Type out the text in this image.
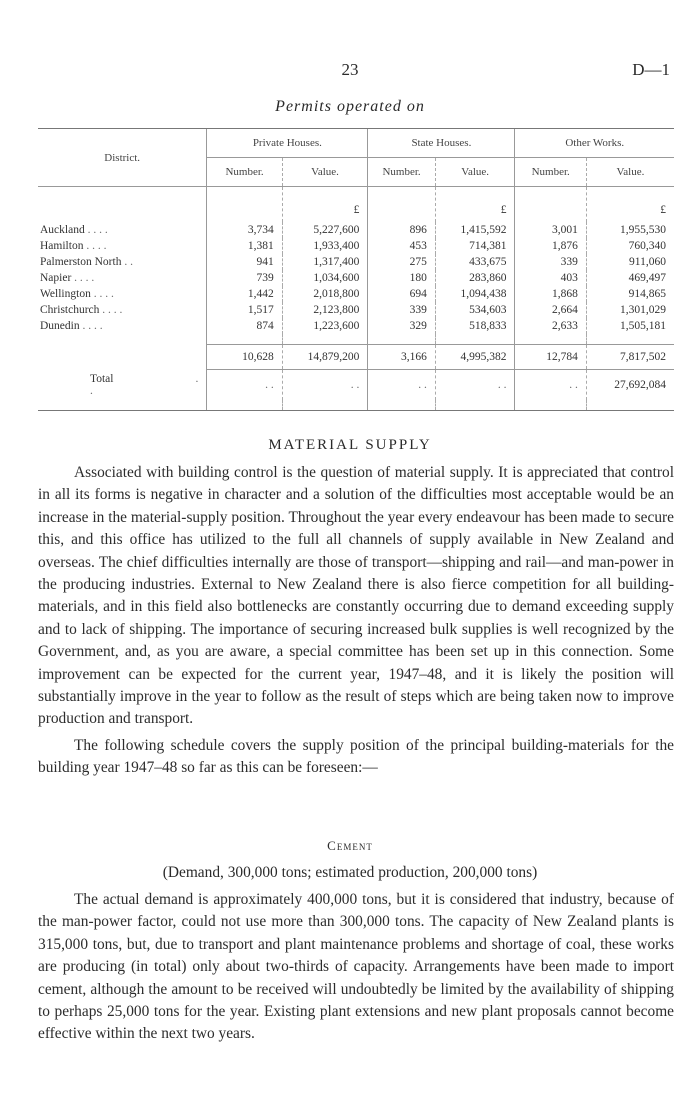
23	D—1
Permits operated on
District.	Private Houses.		State Houses.		Other Works.	
	Number.	Value.	Number.	Value.	Number.	Value.
		£		£		£
Auckland . . . .	3,734	5,227,600	896	1,415,592	3,001	1,955,530
Hamilton . . . .	1,381	1,933,400	453	714,381	1,876	760,340
Palmerston North . .	941	1,317,400	275	433,675	339	911,060
Napier . . . .	739	1,034,600	180	283,860	403	469,497
Wellington . . . .	1,442	2,018,800	694	1,094,438	1,868	914,865
Christchurch . . . .	1,517	2,123,800	339	534,603	2,664	1,301,029
Dunedin . . . .	874	1,223,600	329	518,833	2,633	1,505,181

	10,628	14,879,200	3,166	4,995,382	12,784	7,817,502
Total . .	. .	. .	. .	. .	. .	27,692,084

MATERIAL SUPPLY

Associated with building control is the question of material supply. It is appreciated that control in all its forms is negative in character and a solution of the difficulties most acceptable would be an increase in the material-supply position. Throughout the year every endeavour has been made to secure this, and this office has utilized to the full all channels of supply available in New Zealand and overseas. The chief difficulties internally are those of transport—shipping and rail—and man-power in the producing industries. External to New Zealand there is also fierce competition for all building-materials, and in this field also bottlenecks are constantly occurring due to demand exceeding supply and to lack of shipping. The importance of securing increased bulk supplies is well recognized by the Government, and, as you are aware, a special committee has been set up in this connection. Some improvement can be expected for the current year, 1947–48, and it is likely the position will substantially improve in the year to follow as the result of steps which are being taken now to improve production and transport.

The following schedule covers the supply position of the principal building-materials for the building year 1947–48 so far as this can be foreseen:—

Cement
(Demand, 300,000 tons; estimated production, 200,000 tons)

The actual demand is approximately 400,000 tons, but it is considered that industry, because of the man-power factor, could not use more than 300,000 tons. The capacity of New Zealand plants is 315,000 tons, but, due to transport and plant maintenance problems and shortage of coal, these works are producing (in total) only about two-thirds of capacity. Arrangements have been made to import cement, although the amount to be received will undoubtedly be limited by the availability of shipping to perhaps 25,000 tons for the year. Existing plant extensions and new plant proposals cannot become effective within the next two years.
